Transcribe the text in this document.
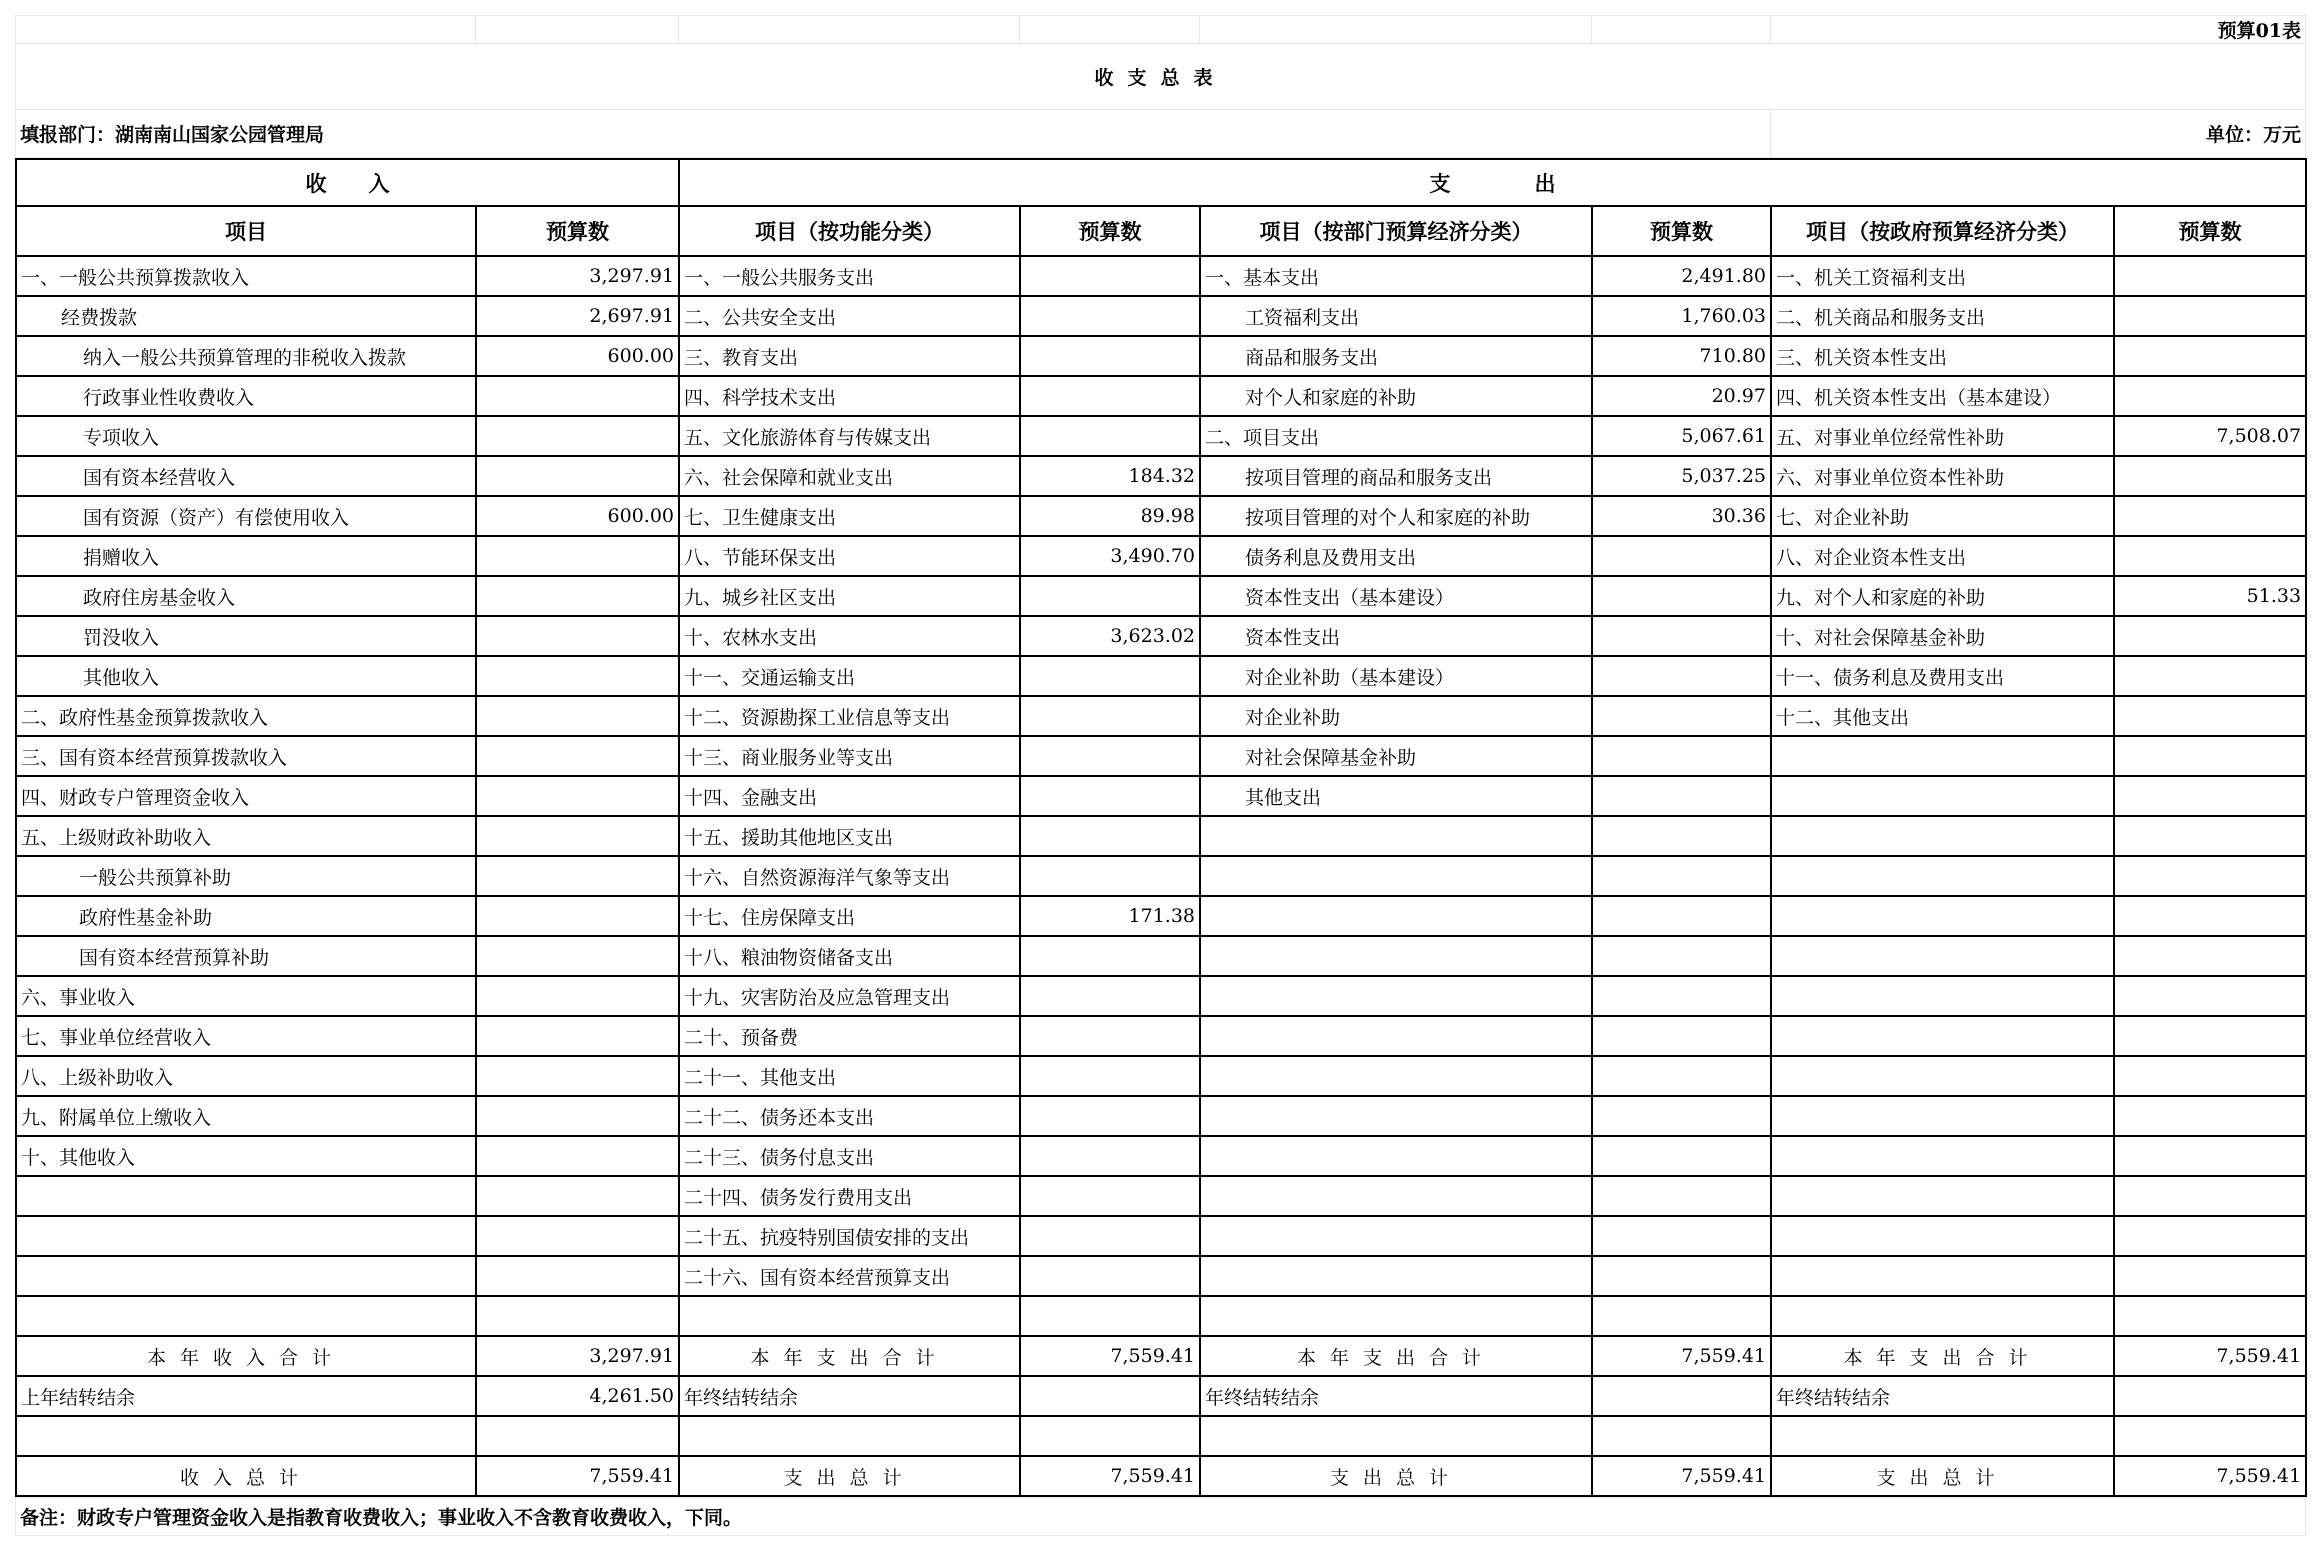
						预算01表
收支总表						
填报部门：湖南南山国家公园管理局						单位：万元
收　　入		支　　　　出					
项目	预算数	项目（按功能分类）	预算数	项目（按部门预算经济分类）	预算数	项目（按政府预算经济分类）	预算数
一、一般公共预算拨款收入	3,297.91	一、一般公共服务支出		一、基本支出	2,491.80	一、机关工资福利支出	
经费拨款	2,697.91	二、公共安全支出		工资福利支出	1,760.03	二、机关商品和服务支出	
纳入一般公共预算管理的非税收入拨款	600.00	三、教育支出		商品和服务支出	710.80	三、机关资本性支出	
行政事业性收费收入		四、科学技术支出		对个人和家庭的补助	20.97	四、机关资本性支出（基本建设）	
专项收入		五、文化旅游体育与传媒支出		二、项目支出	5,067.61	五、对事业单位经常性补助	7,508.07
国有资本经营收入		六、社会保障和就业支出	184.32	按项目管理的商品和服务支出	5,037.25	六、对事业单位资本性补助	
国有资源（资产）有偿使用收入	600.00	七、卫生健康支出	89.98	按项目管理的对个人和家庭的补助	30.36	七、对企业补助	
捐赠收入		八、节能环保支出	3,490.70	债务利息及费用支出		八、对企业资本性支出	
政府住房基金收入		九、城乡社区支出		资本性支出（基本建设）		九、对个人和家庭的补助	51.33
罚没收入		十、农林水支出	3,623.02	资本性支出		十、对社会保障基金补助	
其他收入		十一、交通运输支出		对企业补助（基本建设）		十一、债务利息及费用支出	
二、政府性基金预算拨款收入		十二、资源勘探工业信息等支出		对企业补助		十二、其他支出	
三、国有资本经营预算拨款收入		十三、商业服务业等支出		对社会保障基金补助			
四、财政专户管理资金收入		十四、金融支出		其他支出			
五、上级财政补助收入		十五、援助其他地区支出					
一般公共预算补助		十六、自然资源海洋气象等支出					
政府性基金补助		十七、住房保障支出	171.38				
国有资本经营预算补助		十八、粮油物资储备支出					
六、事业收入		十九、灾害防治及应急管理支出					
七、事业单位经营收入		二十、预备费					
八、上级补助收入		二十一、其他支出					
九、附属单位上缴收入		二十二、债务还本支出					
十、其他收入		二十三、债务付息支出					
		二十四、债务发行费用支出					
		二十五、抗疫特别国债安排的支出					
		二十六、国有资本经营预算支出					

本年收入合计	3,297.91	本年支出合计	7,559.41	本年支出合计	7,559.41	本年支出合计	7,559.41
上年结转结余	4,261.50	年终结转结余		年终结转结余		年终结转结余	

收入总计	7,559.41	支出总计	7,559.41	支出总计	7,559.41	支出总计	7,559.41
备注：财政专户管理资金收入是指教育收费收入；事业收入不含教育收费收入，下同。
